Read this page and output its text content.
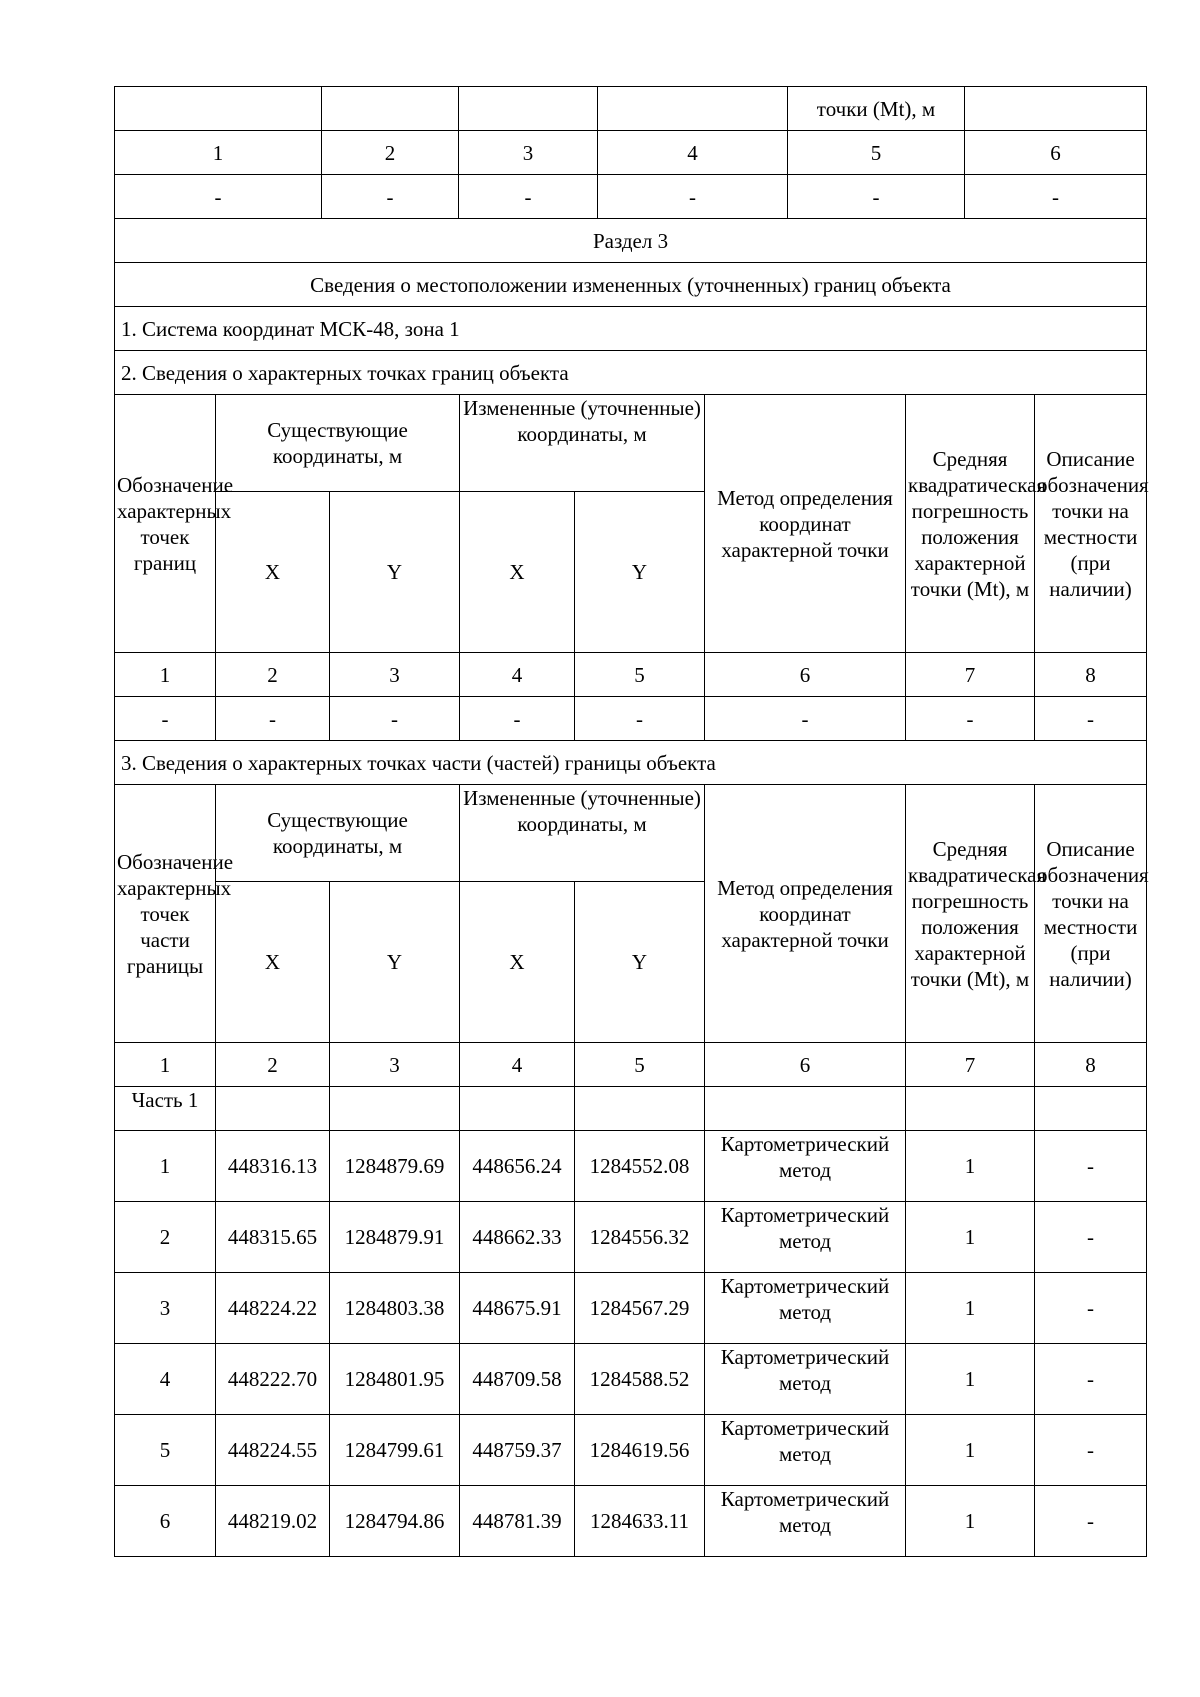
				точки (Mt), м	
1	2	3	4	5	6
-	-	-	-	-	-
Раздел 3							
Сведения о местоположении измененных (уточненных) границ объекта							
1. Система координат МСК-48, зона 1							
2. Сведения о характерных точках границ объекта							
Обозначение характерных точек границ	Существующие координаты, м		Измененные (уточненные) координаты, м		Метод определения координат характерной точки	Средняя квадратическая погрешность положения характерной точки (Mt), м	Описание обозначения точки на местности (при наличии)
	X	Y	X	Y			
1	2	3	4	5	6	7	8
-	-	-	-	-	-	-	-
3. Сведения о характерных точках части (частей) границы объекта							
Обозначение характерных точек части границы	Существующие координаты, м		Измененные (уточненные) координаты, м		Метод определения координат характерной точки	Средняя квадратическая погрешность положения характерной точки (Mt), м	Описание обозначения точки на местности (при наличии)
	X	Y	X	Y			
1	2	3	4	5	6	7	8
Часть 1							
1	448316.13	1284879.69	448656.24	1284552.08	Картометрический метод	1	-
2	448315.65	1284879.91	448662.33	1284556.32	Картометрический метод	1	-
3	448224.22	1284803.38	448675.91	1284567.29	Картометрический метод	1	-
4	448222.70	1284801.95	448709.58	1284588.52	Картометрический метод	1	-
5	448224.55	1284799.61	448759.37	1284619.56	Картометрический метод	1	-
6	448219.02	1284794.86	448781.39	1284633.11	Картометрический метод	1	-
